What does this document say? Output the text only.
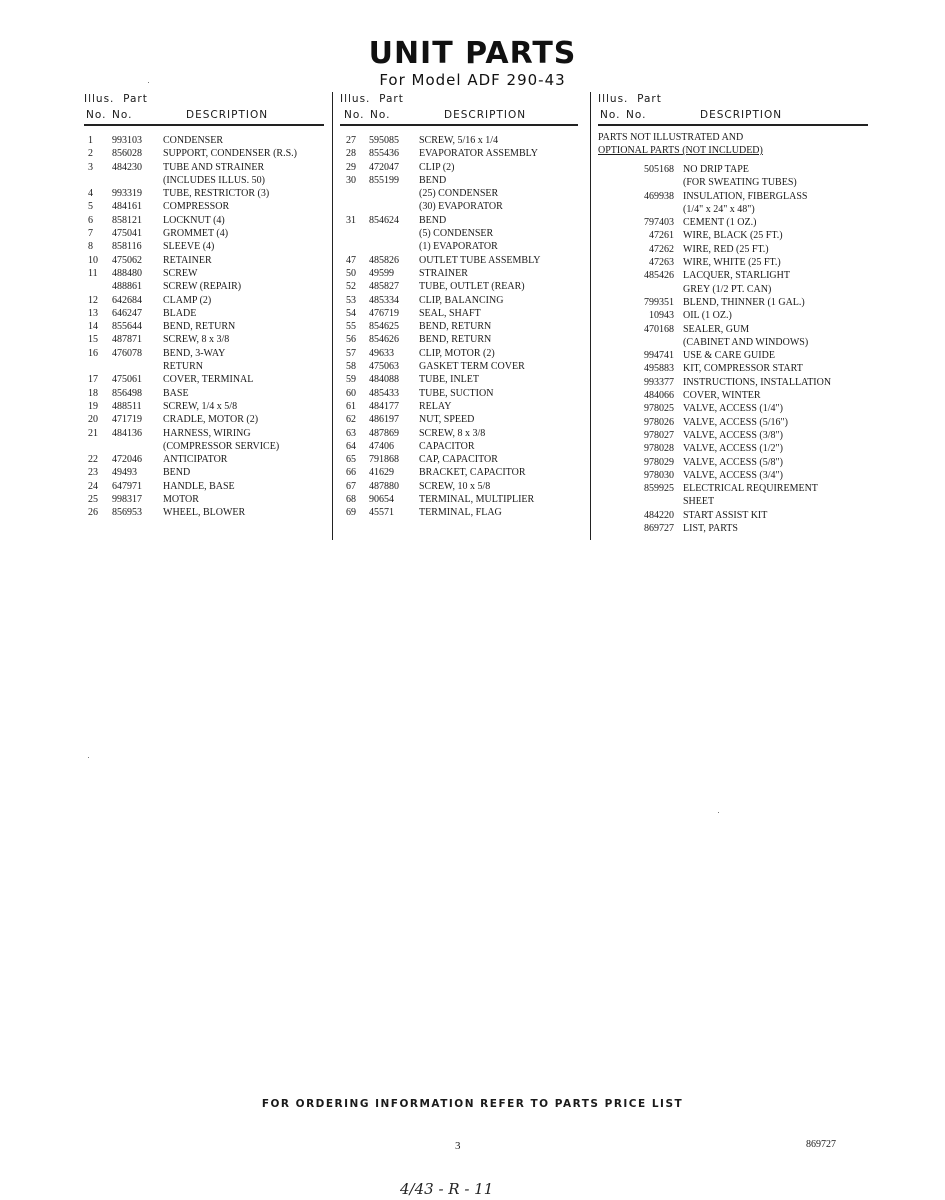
UNIT PARTS
For Model ADF 290-43
Illus. Part
No. No.	DESCRIPTION
1	993103 CONDENSER
2	856028 SUPPORT, CONDENSER (R.S.)
3	484230 TUBE AND STRAINER
(INCLUDES ILLUS. 50)
4	993319 TUBE, RESTRICTOR (3)
5	484161 COMPRESSOR
6	858121 LOCKNUT (4)
7	475041 GROMMET (4)
8	858116 SLEEVE (4)
10	475062 RETAINER
11	488480 SCREW
488861 SCREW (REPAIR)
12	642684 CLAMP (2)
13	646247 BLADE
14	855644 BEND, RETURN
15	487871 SCREW, 8 x 3/8
16	476078 BEND, 3-WAY
RETURN
17	475061 COVER, TERMINAL
18	856498 BASE
19	488511 SCREW, 1/4 x 5/8
20	471719 CRADLE, MOTOR (2)
21	484136 HARNESS, WIRING
(COMPRESSOR SERVICE)
22	472046 ANTICIPATOR
23	49493	BEND
24	647971 HANDLE, BASE
25	998317 MOTOR
26	856953 WHEEL, BLOWER
Illus. Part
No. No.	DESCRIPTION
27	595085 SCREW, 5/16 x 1/4
28	855436 EVAPORATOR ASSEMBLY
29	472047 CLIP (2)
30	855199 BEND
(25) CONDENSER
(30) EVAPORATOR
31	854624 BEND
(5) CONDENSER
(1) EVAPORATOR
47	485826 OUTLET TUBE ASSEMBLY
50	49599	STRAINER
52	485827 TUBE, OUTLET (REAR)
53	485334 CLIP, BALANCING
54	476719 SEAL, SHAFT
55	854625 BEND, RETURN
56	854626 BEND, RETURN
57	49633	CLIP, MOTOR (2)
58	475063 GASKET TERM COVER
59	484088 TUBE, INLET
60	485433 TUBE, SUCTION
61	484177 RELAY
62	486197 NUT, SPEED
63	487869 SCREW, 8 x 3/8
64	47406	CAPACITOR
65	791868 CAP, CAPACITOR
66	41629	BRACKET, CAPACITOR
67	487880 SCREW, 10 x 5/8
68	90654	TERMINAL, MULTIPLIER
69	45571	TERMINAL, FLAG
Illus. Part
No. No.	DESCRIPTION
PARTS NOT ILLUSTRATED AND
OPTIONAL PARTS (NOT INCLUDED)
505168 NO DRIP TAPE
(FOR SWEATING TUBES)
469938 INSULATION, FIBERGLASS
(1/4" x 24" x 48")
797403 CEMENT (1 OZ.)
47261 WIRE, BLACK (25 FT.)
47262 WIRE, RED (25 FT.)
47263 WIRE, WHITE (25 FT.)
485426 LACQUER, STARLIGHT
GREY (1/2 PT. CAN)
799351 BLEND, THINNER (1 GAL.)
10943 OIL (1 OZ.)
470168 SEALER, GUM
(CABINET AND WINDOWS)
994741 USE & CARE GUIDE
495883 KIT, COMPRESSOR START
993377 INSTRUCTIONS, INSTALLATION
484066 COVER, WINTER
978025 VALVE, ACCESS (1/4")
978026 VALVE, ACCESS (5/16")
978027 VALVE, ACCESS (3/8")
978028 VALVE, ACCESS (1/2")
978029 VALVE, ACCESS (5/8")
978030 VALVE, ACCESS (3/4")
859925 ELECTRICAL REQUIREMENT
SHEET
484220 START ASSIST KIT
869727 LIST, PARTS
FOR ORDERING INFORMATION REFER TO PARTS PRICE LIST
3	869727
4/43 - R - 11
